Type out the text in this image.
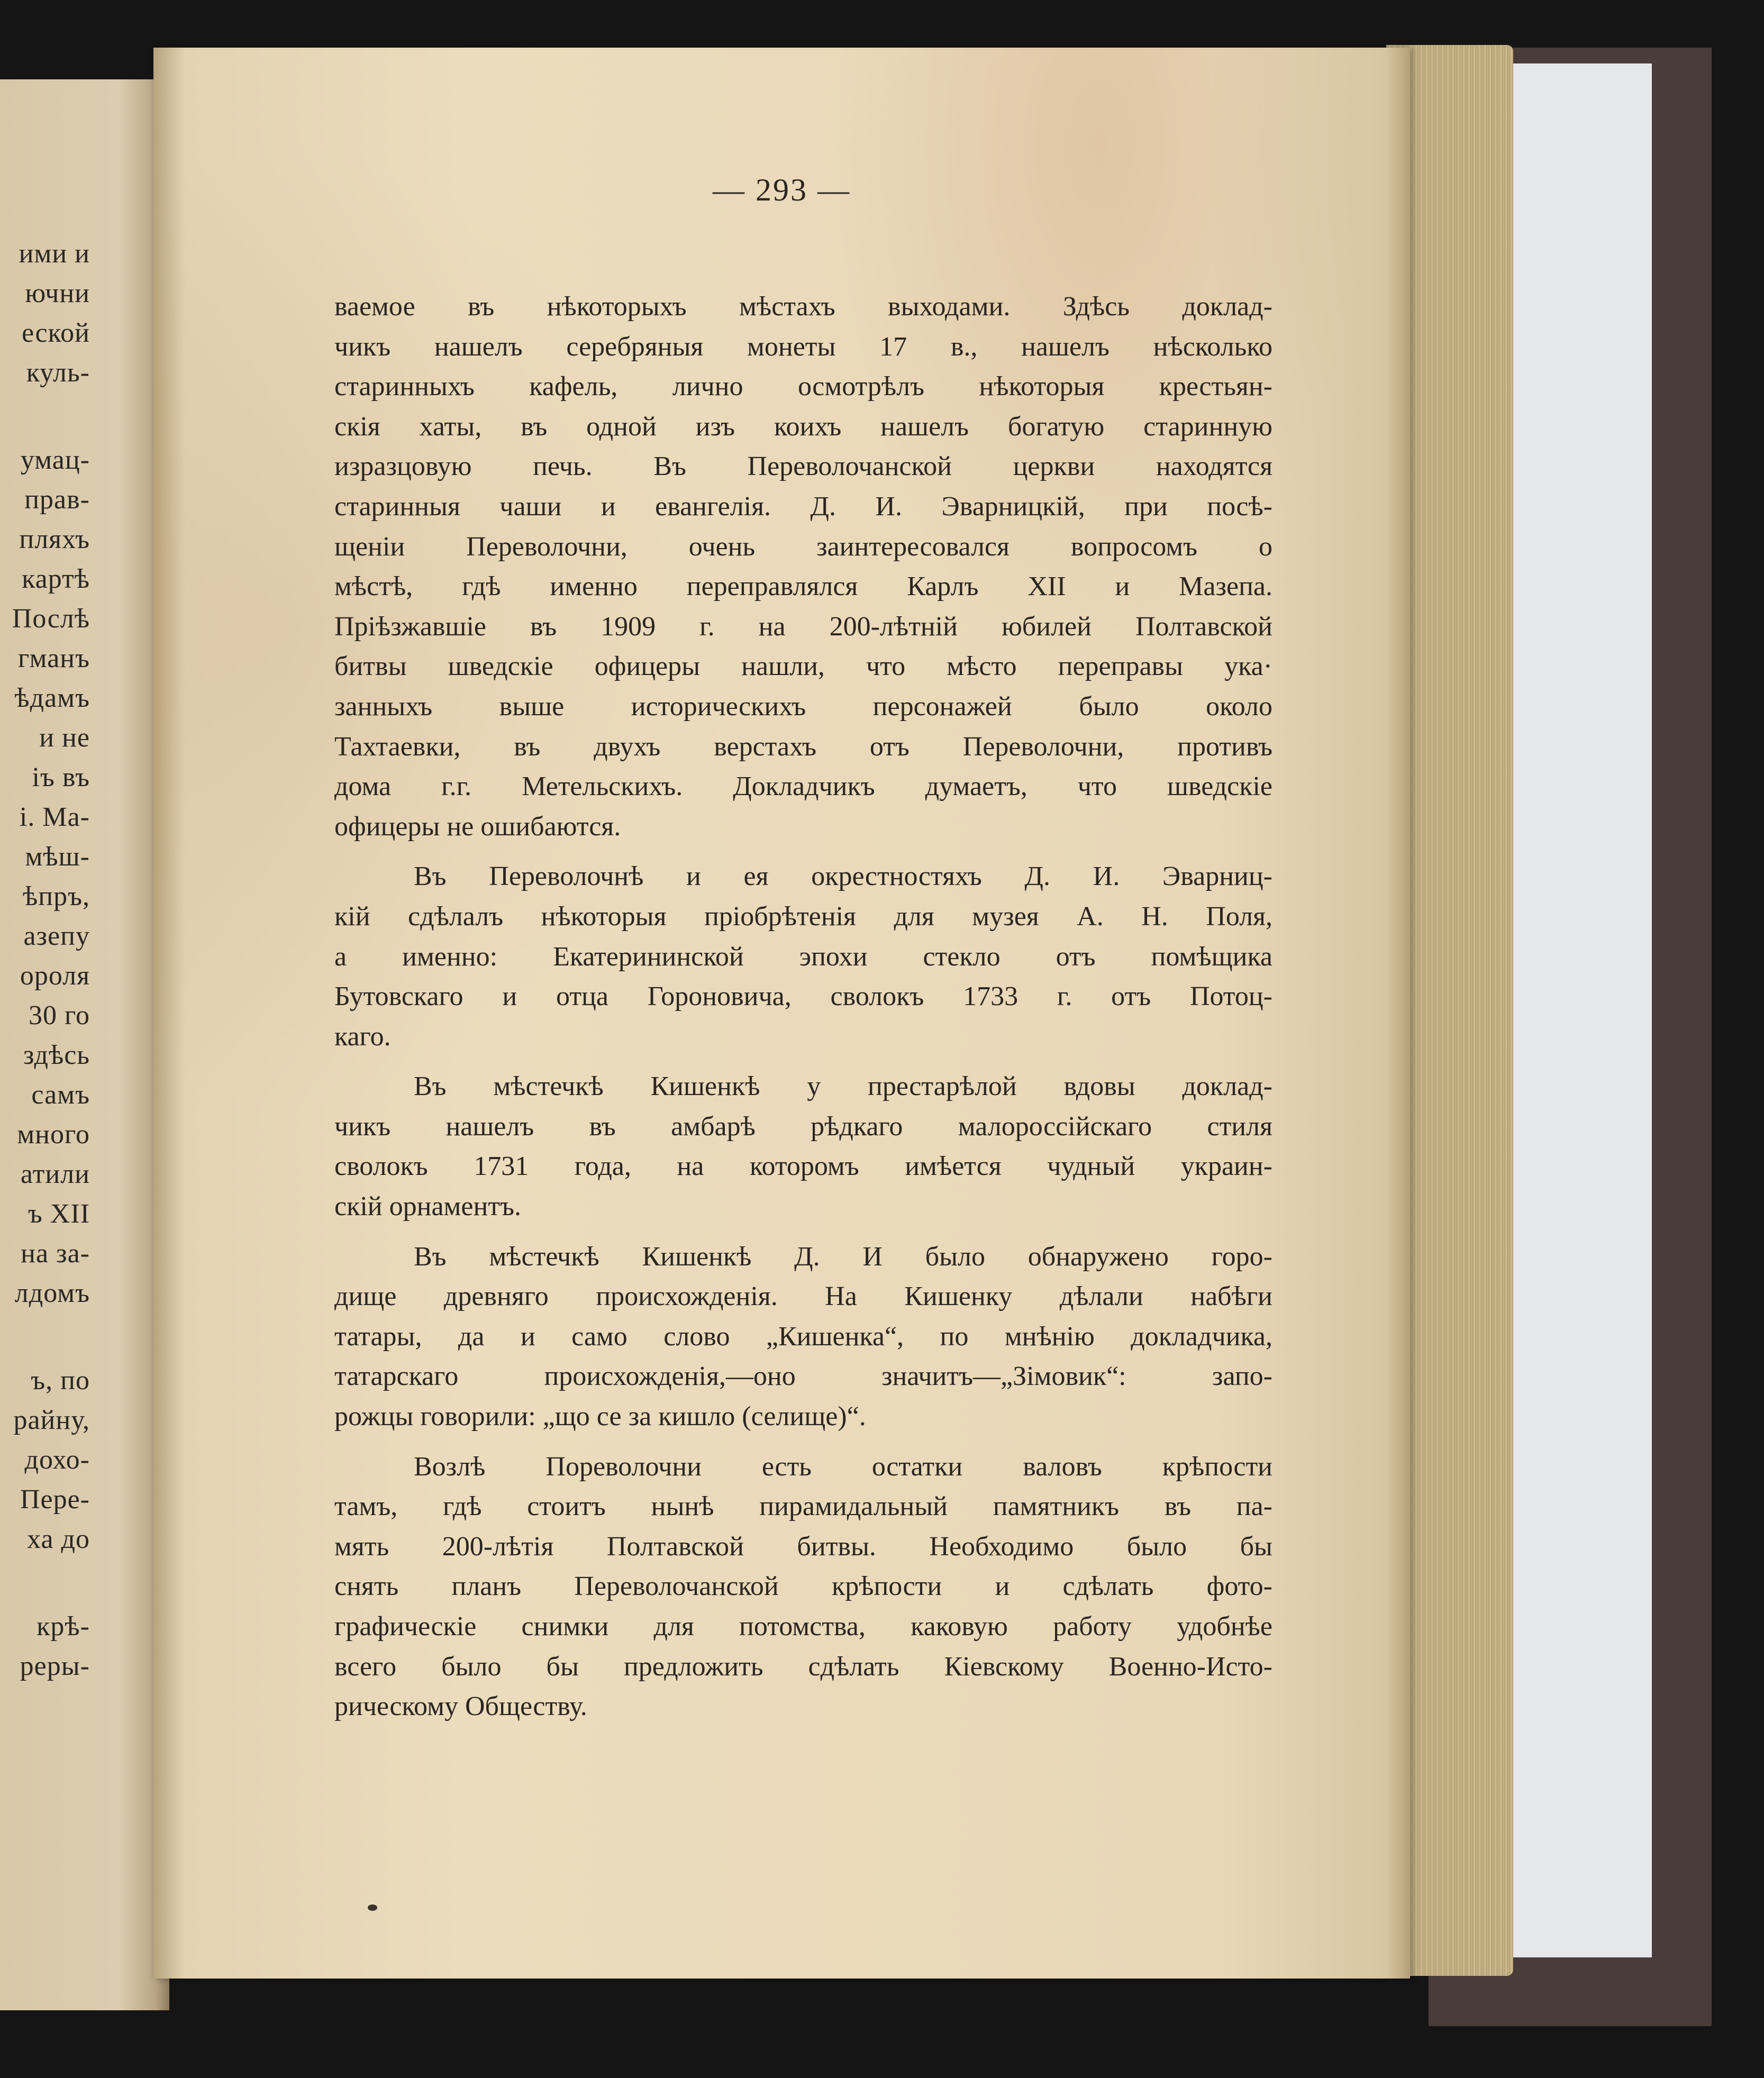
ими и
ючни
еской
куль-
умац-
прав-
пляхъ
картѣ
Послѣ
гманъ
ѣдамъ
и не
iъ въ
і. Ма-
мѣш-
ѣпръ,
азепу
ороля
30 го
здѣсь
самъ
много
атили
ъ XII
на за-
лдомъ
ъ, по
райну,
дохо-
Пере-
ха до
крѣ-
реры-
— 293 —

ваемое въ нѣкоторыхъ мѣстахъ выходами. Здѣсь доклад-
чикъ нашелъ серебряныя монеты 17 в., нашелъ нѣсколько
старинныхъ кафель, лично осмотрѣлъ нѣкоторыя крестьян-
скія хаты, въ одной изъ коихъ нашелъ богатую старинную
изразцовую печь. Въ Переволочанской церкви находятся
старинныя чаши и евангелія. Д. И. Эварницкій, при посѣ-
щеніи Переволочни, очень заинтересовался вопросомъ о
мѣстѣ, гдѣ именно переправлялся Карлъ XII и Мазепа.
Пріѣзжавшіе въ 1909 г. на 200-лѣтній юбилей Полтавской
битвы шведскіе офицеры нашли, что мѣсто переправы ука·
занныхъ выше историческихъ персонажей было около
Тахтаевки, въ двухъ верстахъ отъ Переволочни, противъ
дома г.г. Метельскихъ. Докладчикъ думаетъ, что шведскіе
офицеры не ошибаются.

Въ Переволочнѣ и ея окрестностяхъ Д. И. Эварниц-
кій сдѣлалъ нѣкоторыя пріобрѣтенія для музея А. Н. Поля,
а именно: Екатерининской эпохи стекло отъ помѣщика
Бутовскаго и отца Гороновича, сволокъ 1733 г. отъ Потоц-
каго.

Въ мѣстечкѣ Кишенкѣ у престарѣлой вдовы доклад-
чикъ нашелъ въ амбарѣ рѣдкаго малороссійскаго стиля
сволокъ 1731 года, на которомъ имѣется чудный украин-
скій орнаментъ.

Въ мѣстечкѣ Кишенкѣ Д. И было обнаружено горо-
дище древняго происхожденія. На Кишенку дѣлали набѣги
татары, да и само слово „Кишенка“, по мнѣнію докладчика,
татарскаго происхожденія,—оно значитъ—„Зімовик“: запо-
рожцы говорили: „що се за кишло (селище)“.

Возлѣ Пореволочни есть остатки валовъ крѣпости
тамъ, гдѣ стоитъ нынѣ пирамидальный памятникъ въ па-
мять 200-лѣтія Полтавской битвы. Необходимо было бы
снять планъ Переволочанской крѣпости и сдѣлать фото-
графическіе снимки для потомства, каковую работу удобнѣе
всего было бы предложить сдѣлать Кіевскому Военно-Исто-
рическому Обществу.
